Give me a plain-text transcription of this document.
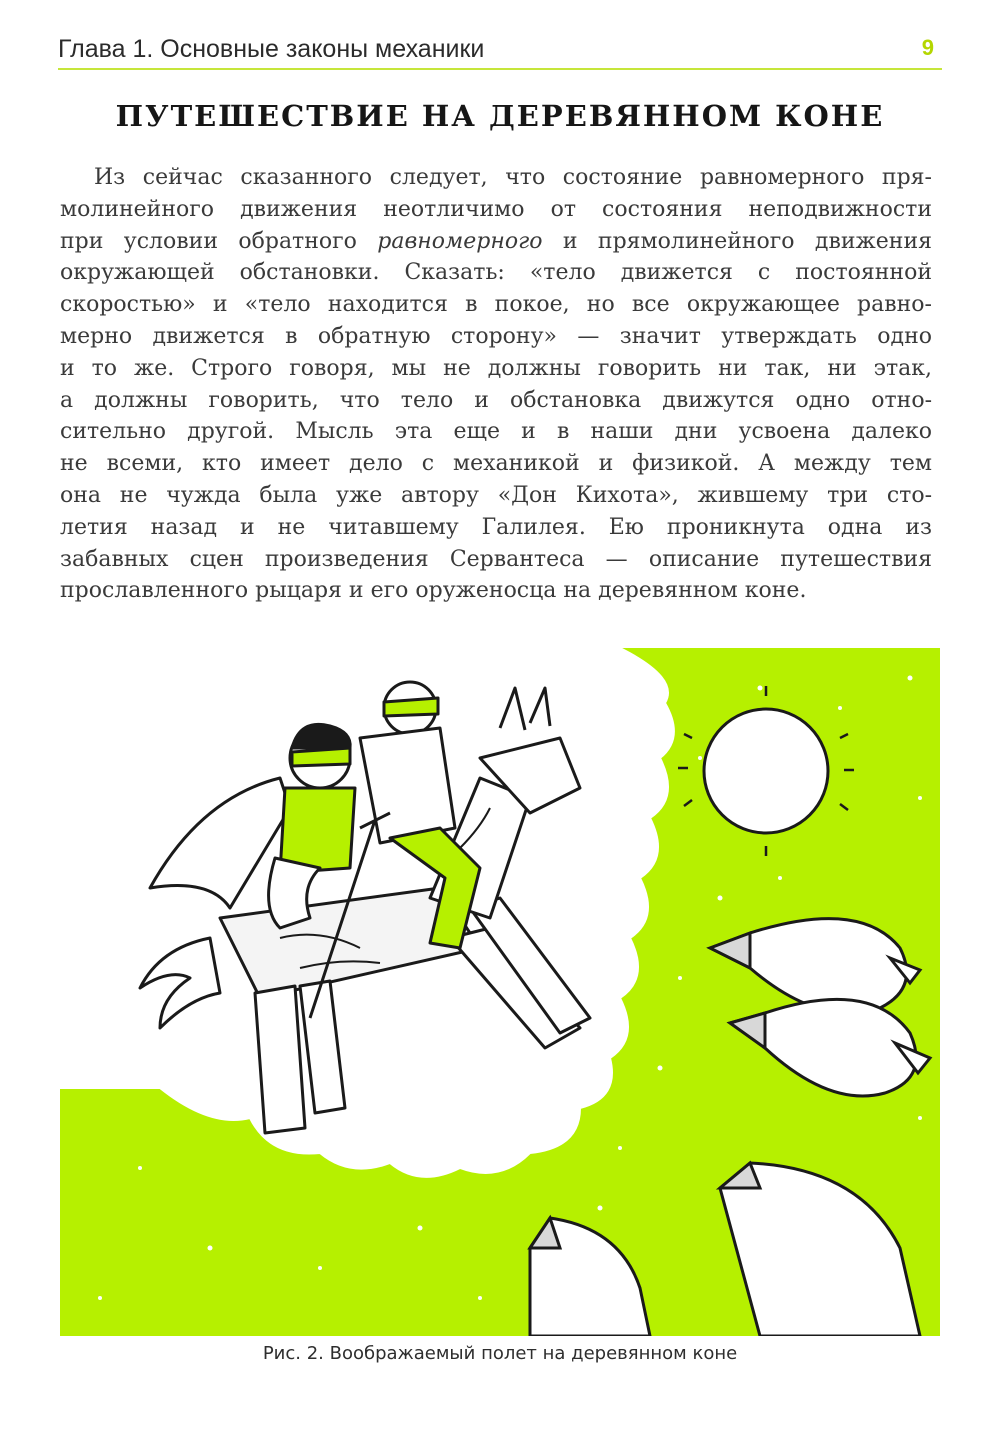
Глава 1. Основные законы механики	9
ПУТЕШЕСТВИЕ НА ДЕРЕВЯННОМ КОНЕ
Из сейчас сказанного следует, что состояние равномерного пря-
молинейного движения неотличимо от состояния неподвижности
при условии обратного равномерного и прямолинейного движения
окружающей обстановки. Сказать: «тело движется с постоянной
скоростью» и «тело находится в покое, но все окружающее равно-
мерно движется в обратную сторону» — значит утверждать одно
и то же. Строго говоря, мы не должны говорить ни так, ни этак,
а должны говорить, что тело и обстановка движутся одно отно-
сительно другой. Мысль эта еще и в наши дни усвоена далеко
не всеми, кто имеет дело с механикой и физикой. А между тем
она не чужда была уже автору «Дон Кихота», жившему три сто-
летия назад и не читавшему Галилея. Ею проникнута одна из
забавных сцен произведения Сервантеса — описание путешествия
прославленного рыцаря и его оруженосца на деревянном коне.
Рис. 2. Воображаемый полет на деревянном коне
